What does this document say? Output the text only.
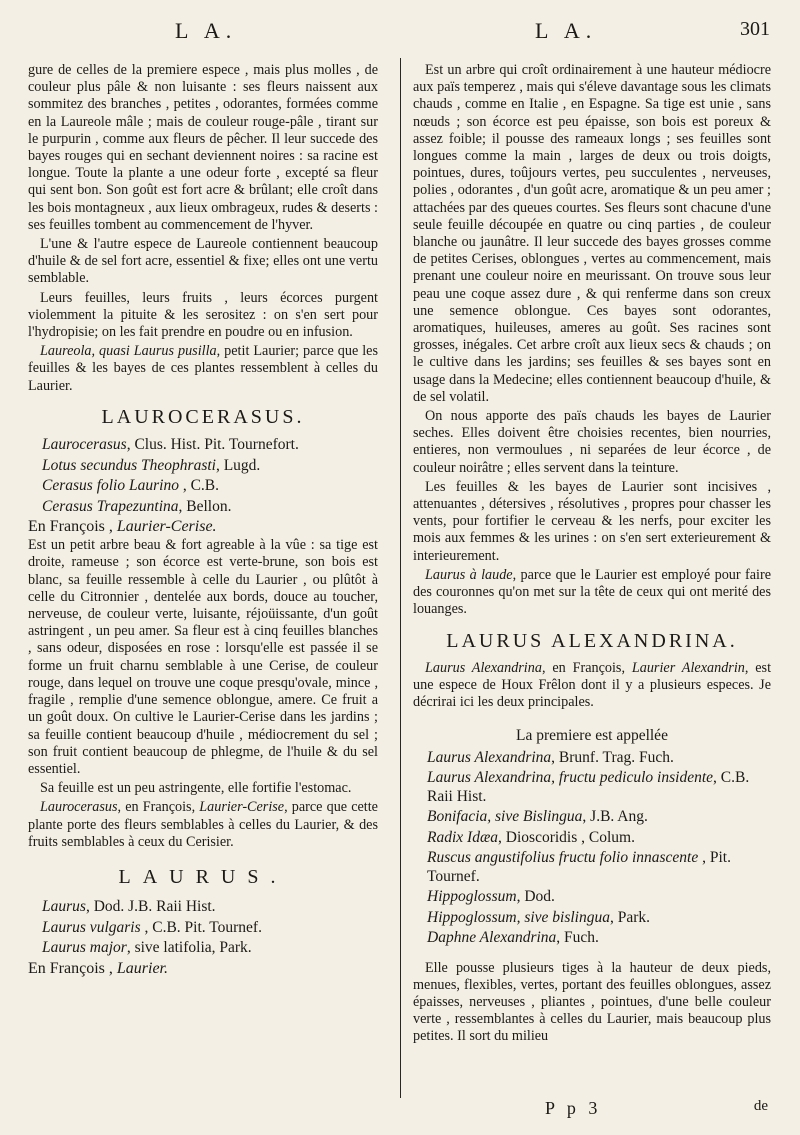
L A.	L A.	301

gure de celles de la premiere espece , mais plus molles , de couleur plus pâle & non luisante : ses fleurs naissent aux sommitez des branches , petites , odorantes, formées comme en la Laureole mâle ; mais de couleur rouge-pâle , tirant sur le purpurin , comme aux fleurs de pêcher. Il leur succede des bayes rouges qui en sechant deviennent noires : sa racine est longue. Toute la plante a une odeur forte , excepté sa fleur qui sent bon. Son goût est fort acre & brûlant; elle croît dans les bois montagneux , aux lieux ombrageux, rudes & deserts : ses feuilles tombent au commencement de l'hyver.

L'une & l'autre espece de Laureole contiennent beaucoup d'huile & de sel fort acre, essentiel & fixe; elles ont une vertu semblable.

Leurs feuilles, leurs fruits , leurs écorces purgent violemment la pituite & les serositez : on s'en sert pour l'hydropisie; on les fait prendre en poudre ou en infusion.

Laureola, quasi Laurus pusilla, petit Laurier; parce que les feuilles & les bayes de ces plantes ressemblent à celles du Laurier.

LAUROCERASUS.

Laurocerasus, Clus. Hist. Pit. Tournefort.

Lotus secundus Theophrasti, Lugd.

Cerasus folio Laurino , C.B.

Cerasus Trapezuntina, Bellon.

En François , Laurier-Cerise.

Est un petit arbre beau & fort agreable à la vûe : sa tige est droite, rameuse ; son écorce est verte-brune, son bois est blanc, sa feuille ressemble à celle du Laurier , ou plûtôt à celle du Citronnier , dentelée aux bords, douce au toucher, nerveuse, de couleur verte, luisante, réjoüissante, d'un goût astringent , un peu amer. Sa fleur est à cinq feuilles blanches , sans odeur, disposées en rose : lorsqu'elle est passée il se forme un fruit charnu semblable à une Cerise, de couleur rouge, dans lequel on trouve une coque presqu'ovale, mince , fragile , remplie d'une semence oblongue, amere. Ce fruit a un goût doux. On cultive le Laurier-Cerise dans les jardins ; sa feuille contient beaucoup d'huile , médiocrement du sel ; son fruit contient beaucoup de phlegme, de l'huile & du sel essentiel.

Sa feuille est un peu astringente, elle fortifie l'estomac.

Laurocerasus, en François, Laurier-Cerise, parce que cette plante porte des fleurs semblables à celles du Laurier, & des fruits semblables à ceux du Cerisier.

LAURUS.

Laurus, Dod. J.B. Raii Hist.

Laurus vulgaris , C.B. Pit. Tournef.

Laurus major, sive latifolia, Park.

En François , Laurier.

Est un arbre qui croît ordinairement à une hauteur médiocre aux païs temperez , mais qui s'éleve davantage sous les climats chauds , comme en Italie , en Espagne. Sa tige est unie , sans nœuds ; son écorce est peu épaisse, son bois est poreux & assez foible; il pousse des rameaux longs ; ses feuilles sont longues comme la main , larges de deux ou trois doigts, pointues, dures, toûjours vertes, peu succulentes , nerveuses, polies , odorantes , d'un goût acre, aromatique & un peu amer ; attachées par des queues courtes. Ses fleurs sont chacune d'une seule feuille découpée en quatre ou cinq parties , de couleur blanche ou jaunâtre. Il leur succede des bayes grosses comme de petites Cerises, oblongues , vertes au commencement, mais prenant une couleur noire en meurissant. On trouve sous leur peau une coque assez dure , & qui renferme dans son creux une semence oblongue. Ces bayes sont odorantes, aromatiques, huileuses, ameres au goût. Ses racines sont grosses, inégales. Cet arbre croît aux lieux secs & chauds ; on le cultive dans les jardins; ses feuilles & ses bayes sont en usage dans la Medecine; elles contiennent beaucoup d'huile, & de sel volatil.

On nous apporte des païs chauds les bayes de Laurier seches. Elles doivent être choisies recentes, bien nourries, entieres, non vermoulues , ni separées de leur écorce , de couleur noirâtre ; elles servent dans la teinture.

Les feuilles & les bayes de Laurier sont incisives , attenuantes , détersives , résolutives , propres pour chasser les vents, pour fortifier le cerveau & les nerfs, pour exciter les mois aux femmes & les urines : on s'en sert exterieurement & interieurement.

Laurus à laude, parce que le Laurier est employé pour faire des couronnes qu'on met sur la tête de ceux qui ont merité des louanges.

LAURUS ALEXANDRINA.

Laurus Alexandrina, en François, Laurier Alexandrin, est une espece de Houx Frêlon dont il y a plusieurs especes. Je décrirai ici les deux principales.

La premiere est appellée

Laurus Alexandrina, Brunf. Trag. Fuch.

Laurus Alexandrina, fructu pediculo insidente, C.B. Raii Hist.

Bonifacia, sive Bislingua, J.B. Ang.

Radix Idæa, Dioscoridis , Colum.

Ruscus angustifolius fructu folio innascente , Pit. Tournef.

Hippoglossum, Dod.

Hippoglossum, sive bislingua, Park.

Daphne Alexandrina, Fuch.

Elle pousse plusieurs tiges à la hauteur de deux pieds, menues, flexibles, vertes, portant des feuilles oblongues, assez épaisses, nerveuses , pliantes , pointues, d'une belle couleur verte , ressemblantes à celles du Laurier, mais beaucoup plus petites. Il sort du milieu

P p 3	de
